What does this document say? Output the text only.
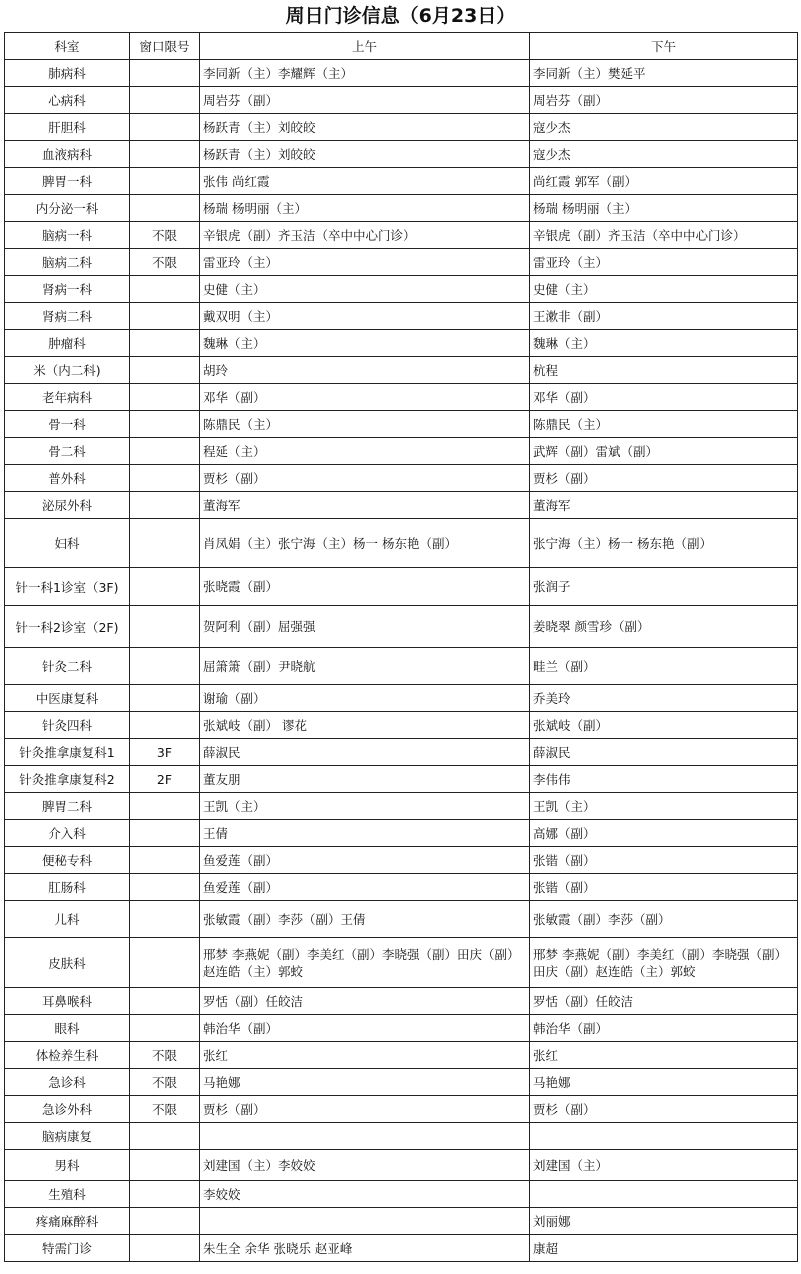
周日门诊信息（6月23日）
科室	窗口限号	上午	下午
肺病科		李同新（主）李耀辉（主）	李同新（主）樊延平
心病科		周岩芬（副）	周岩芬（副）
肝胆科		杨跃青（主）刘皎皎	寇少杰
血液病科		杨跃青（主）刘皎皎	寇少杰
脾胃一科		张伟 尚红霞	尚红霞 郭军（副）
内分泌一科		杨瑞 杨明丽（主）	杨瑞 杨明丽（主）
脑病一科	不限	辛银虎（副）齐玉洁（卒中中心门诊）	辛银虎（副）齐玉洁（卒中中心门诊）
脑病二科	不限	雷亚玲（主）	雷亚玲（主）
肾病一科		史健（主）	史健（主）
肾病二科		戴双明（主）	王漱非（副）
肿瘤科		魏琳（主）	魏琳（主）
米（内二科)		胡玲	杭程
老年病科		邓华（副）	邓华（副）
骨一科		陈鼎民（主）	陈鼎民（主）
骨二科		程延（主）	武辉（副）雷斌（副）
普外科		贾杉（副）	贾杉（副）
泌尿外科		董海军	董海军
妇科		肖凤娟（主）张宁海（主）杨一 杨东艳（副）	张宁海（主）杨一 杨东艳（副）
针一科1诊室（3F)		张晓霞（副）	张润子
针一科2诊室（2F)		贺阿利（副）屈强强	姜晓翠 颜雪珍（副）
针灸二科		屈箫箫（副）尹晓航	畦兰（副）
中医康复科		谢瑜（副）	乔美玲
针灸四科		张斌岐（副） 谬花	张斌岐（副）
针灸推拿康复科1	3F	薛淑民	薛淑民
针灸推拿康复科2	2F	董友朋	李伟伟
脾胃二科		王凯（主）	王凯（主）
介入科		王倩	高娜（副）
便秘专科		鱼爱莲（副）	张锴（副）
肛肠科		鱼爱莲（副）	张锴（副）
儿科		张敏霞（副）李莎（副）王倩	张敏霞（副）李莎（副）
皮肤科		邢梦 李燕妮（副）李美红（副）李晓强（副）田庆（副）赵连皓（主）郭蛟	邢梦 李燕妮（副）李美红（副）李晓强（副）田庆（副）赵连皓（主）郭蛟
耳鼻喉科		罗恬（副）任皎洁	罗恬（副）任皎洁
眼科		韩治华（副）	韩治华（副）
体检养生科	不限	张红	张红
急诊科	不限	马艳娜	马艳娜
急诊外科	不限	贾杉（副）	贾杉（副）
脑病康复			
男科		刘建国（主）李姣姣	刘建国（主）
生殖科		李姣姣	
疼痛麻醉科			刘丽娜
特需门诊		朱生全 余华 张晓乐 赵亚峰	康超
